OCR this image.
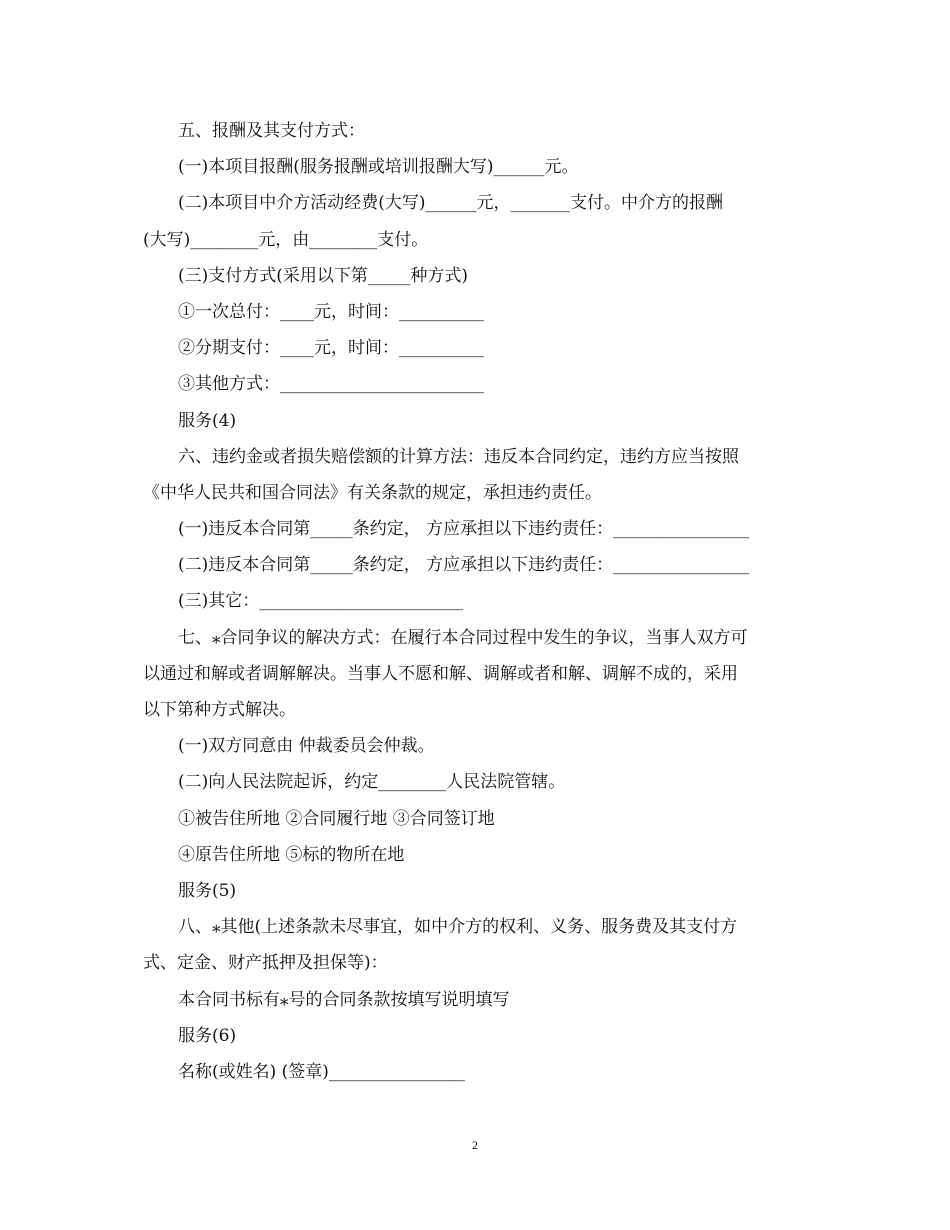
五、报酬及其支付方式：
(一)本项目报酬(服务报酬或培训报酬大写)______元。
(二)本项目中介方活动经费(大写)______元，_______支付。中介方的报酬
(大写)________元，由________支付。
(三)支付方式(采用以下第_____种方式)
①一次总付：____元，时间：__________
②分期支付：____元，时间：__________
③其他方式：________________________
服务(4)
六、违约金或者损失赔偿额的计算方法：违反本合同约定，违约方应当按照
《中华人民共和国合同法》有关条款的规定，承担违约责任。
(一)违反本合同第_____条约定， 方应承担以下违约责任：________________
(二)违反本合同第_____条约定， 方应承担以下违约责任：________________
(三)其它：________________________
七、⁎合同争议的解决方式：在履行本合同过程中发生的争议，当事人双方可
以通过和解或者调解解决。当事人不愿和解、调解或者和解、调解不成的，采用
以下第种方式解决。
(一)双方同意由 仲裁委员会仲裁。
(二)向人民法院起诉，约定________人民法院管辖。
①被告住所地 ②合同履行地 ③合同签订地
④原告住所地 ⑤标的物所在地
服务(5)
八、⁎其他(上述条款未尽事宜，如中介方的权利、义务、服务费及其支付方
式、定金、财产抵押及担保等)：
本合同书标有⁎号的合同条款按填写说明填写
服务(6)
名称(或姓名) (签章)________________
2
